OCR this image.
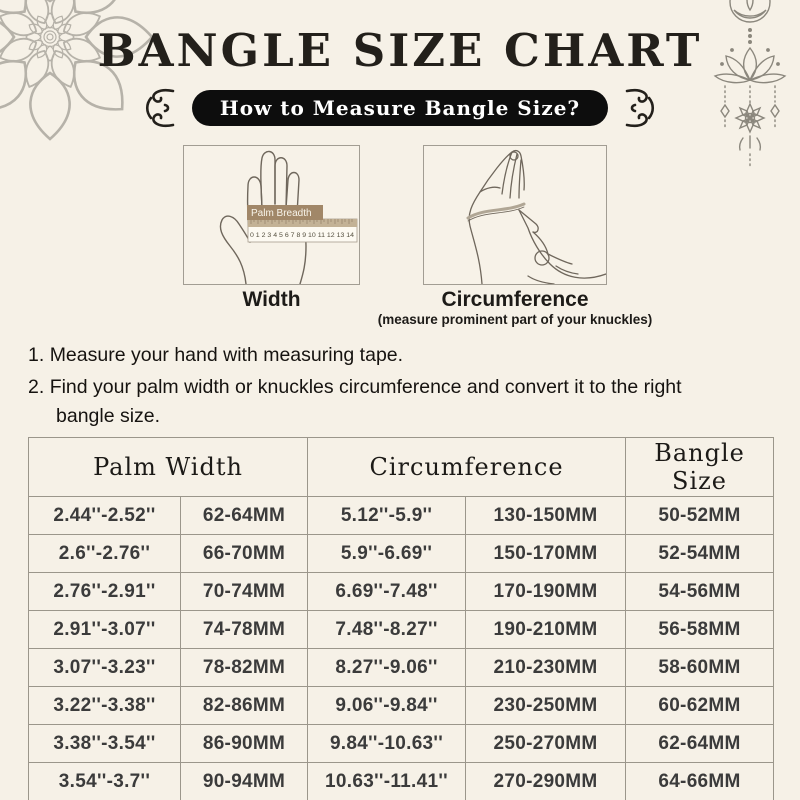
BANGLE SIZE CHART
How to Measure Bangle Size?
0 1 2 3 4 5 6 7 8 9 10 11 12 13 14
Palm Breadth
Width	Circumference
(measure prominent part of your knuckles)

1. Measure your hand with measuring tape.

2. Find your palm width or knuckles circumference and convert it to the right bangle size.

Palm Width		Circumference		Bangle Size
2.44''-2.52''	62-64MM	5.12''-5.9''	130-150MM	50-52MM
2.6''-2.76''	66-70MM	5.9''-6.69''	150-170MM	52-54MM
2.76''-2.91''	70-74MM	6.69''-7.48''	170-190MM	54-56MM
2.91''-3.07''	74-78MM	7.48''-8.27''	190-210MM	56-58MM
3.07''-3.23''	78-82MM	8.27''-9.06''	210-230MM	58-60MM
3.22''-3.38''	82-86MM	9.06''-9.84''	230-250MM	60-62MM
3.38''-3.54''	86-90MM	9.84''-10.63''	250-270MM	62-64MM
3.54''-3.7''	90-94MM	10.63''-11.41''	270-290MM	64-66MM
